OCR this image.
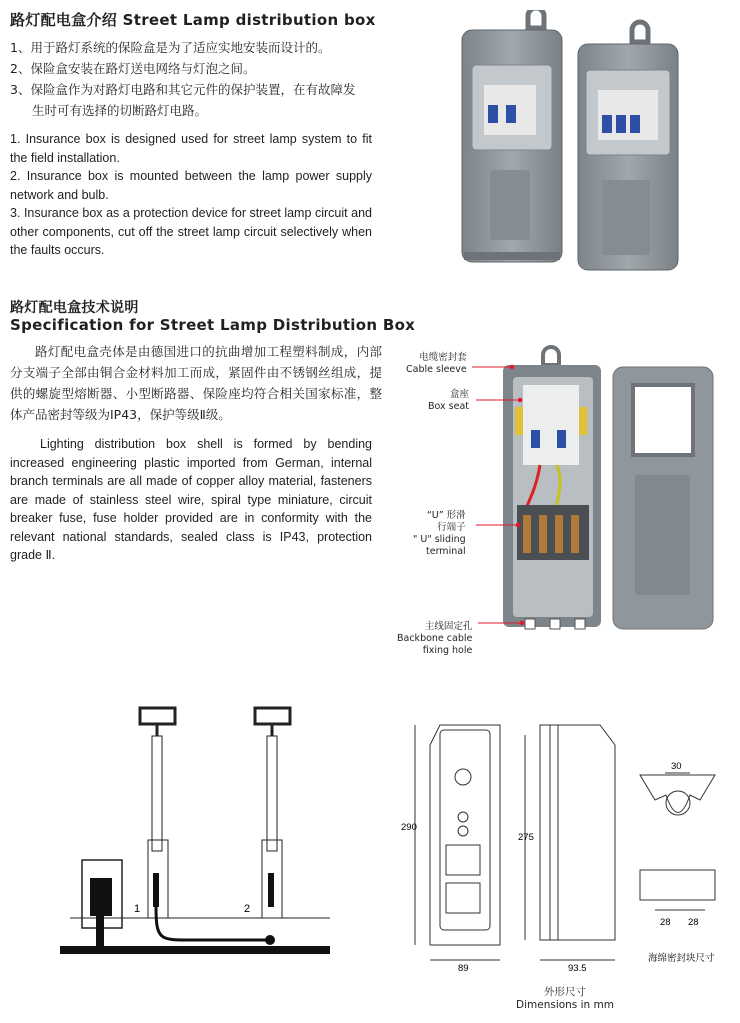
路灯配电盒介绍 Street Lamp distribution box
1、用于路灯系统的保险盒是为了适应实地安装而设计的。
2、保险盒安装在路灯送电网络与灯泡之间。
3、保险盒作为对路灯电路和其它元件的保护装置，在有故障发
生时可有选择的切断路灯电路。
1. Insurance box is designed used for street lamp system to fit the field installation.
2. Insurance box is mounted between the lamp power supply network and bulb.
3. Insurance box as a protection device for street lamp circuit and other components, cut off the street lamp circuit selectively when the faults occurs.
路灯配电盒技术说明
Specification for Street Lamp Distribution Box
路灯配电盒壳体是由德国进口的抗曲增加工程塑料制成，内部分支端子全部由铜合金材料加工而成，紧固件由不锈钢丝组成，提供的螺旋型熔断器、小型断路器、保险座均符合相关国家标准，整体产品密封等级为IP43，保护等级Ⅱ级。
Lighting distribution box shell is formed by bending increased engineering plastic imported from German, internal branch terminals are all made of copper alloy material, fasteners are made of stainless steel wire, spiral type miniature, circuit breaker fuse, fuse holder provided are in conformity with the relevant national standards, sealed class is IP43, protection grade Ⅱ.
电缆密封套
Cable sleeve
盒座
Box seat
“U” 形滑
行端子
" U" sliding
terminal
主线固定孔
Backbone cable
fixing hole
1	2
290
275
89	93.5
30
28 28
海绵密封块尺寸
外形尺寸
Dimensions in mm
